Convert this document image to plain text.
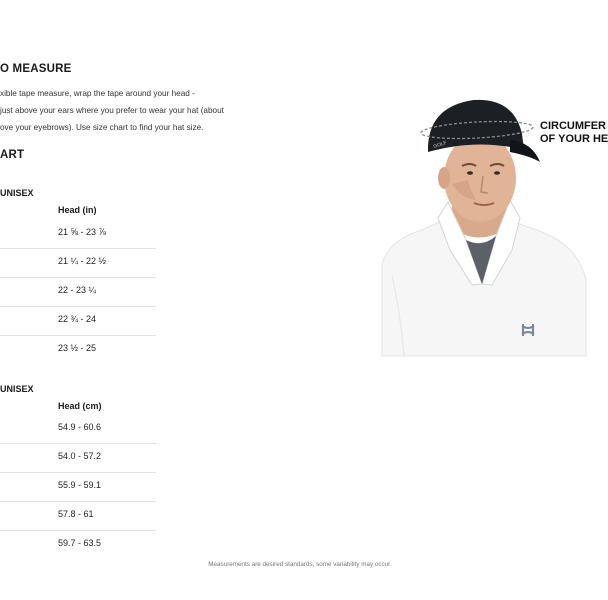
O MEASURE
xible tape measure, wrap the tape around your head -
just above your ears where you prefer to wear your hat (about
ove your eyebrows). Use size chart to find your hat size.
ART
UNISEX
Head (in)
21 ⅝ - 23 ⅞
21 ¼ - 22 ½
22 - 23 ¼
22 ¾ - 24
23 ½ - 25
UNISEX
Head (cm)
54.9 - 60.6
54.0 - 57.2
55.9 - 59.1
57.8 - 61
59.7 - 63.5
GOLF
CIRCUMFER
OF YOUR HE
Measurements are desired standards, some variability may occur.
